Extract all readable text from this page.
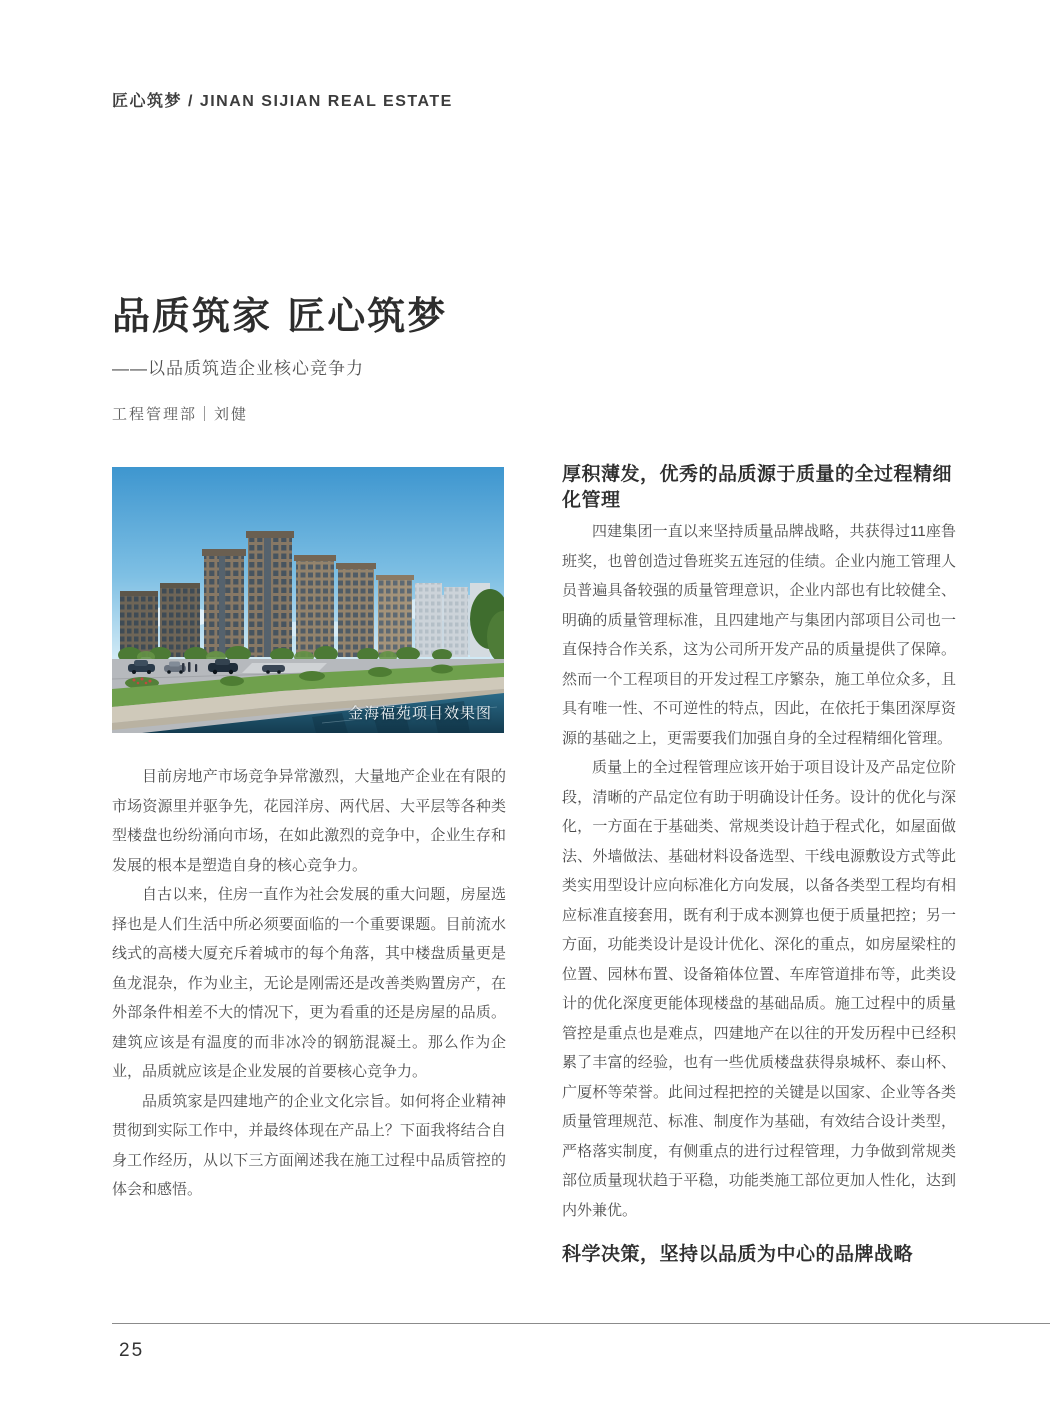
匠心筑梦 / JINAN SIJIAN REAL ESTATE
品质筑家 匠心筑梦
——以品质筑造企业核心竞争力
工程管理部｜刘健
金海福苑项目效果图

目前房地产市场竞争异常激烈，大量地产企业在有限的市场资源里并驱争先，花园洋房、两代居、大平层等各种类型楼盘也纷纷涌向市场，在如此激烈的竞争中，企业生存和发展的根本是塑造自身的核心竞争力。

自古以来，住房一直作为社会发展的重大问题，房屋选择也是人们生活中所必须要面临的一个重要课题。目前流水线式的高楼大厦充斥着城市的每个角落，其中楼盘质量更是鱼龙混杂，作为业主，无论是刚需还是改善类购置房产，在外部条件相差不大的情况下，更为看重的还是房屋的品质。建筑应该是有温度的而非冰冷的钢筋混凝土。那么作为企业，品质就应该是企业发展的首要核心竞争力。

品质筑家是四建地产的企业文化宗旨。如何将企业精神贯彻到实际工作中，并最终体现在产品上？下面我将结合自身工作经历，从以下三方面阐述我在施工过程中品质管控的体会和感悟。

厚积薄发，优秀的品质源于质量的全过程精细化管理

四建集团一直以来坚持质量品牌战略，共获得过11座鲁班奖，也曾创造过鲁班奖五连冠的佳绩。企业内施工管理人员普遍具备较强的质量管理意识，企业内部也有比较健全、明确的质量管理标准，且四建地产与集团内部项目公司也一直保持合作关系，这为公司所开发产品的质量提供了保障。然而一个工程项目的开发过程工序繁杂，施工单位众多，且具有唯一性、不可逆性的特点，因此，在依托于集团深厚资源的基础之上，更需要我们加强自身的全过程精细化管理。

质量上的全过程管理应该开始于项目设计及产品定位阶段，清晰的产品定位有助于明确设计任务。设计的优化与深化，一方面在于基础类、常规类设计趋于程式化，如屋面做法、外墙做法、基础材料设备选型、干线电源敷设方式等此类实用型设计应向标准化方向发展，以备各类型工程均有相应标准直接套用，既有利于成本测算也便于质量把控；另一方面，功能类设计是设计优化、深化的重点，如房屋梁柱的位置、园林布置、设备箱体位置、车库管道排布等，此类设计的优化深度更能体现楼盘的基础品质。施工过程中的质量管控是重点也是难点，四建地产在以往的开发历程中已经积累了丰富的经验，也有一些优质楼盘获得泉城杯、泰山杯、广厦杯等荣誉。此间过程把控的关键是以国家、企业等各类质量管理规范、标准、制度作为基础，有效结合设计类型，严格落实制度，有侧重点的进行过程管理，力争做到常规类部位质量现状趋于平稳，功能类施工部位更加人性化，达到内外兼优。

科学决策，坚持以品质为中心的品牌战略
25
